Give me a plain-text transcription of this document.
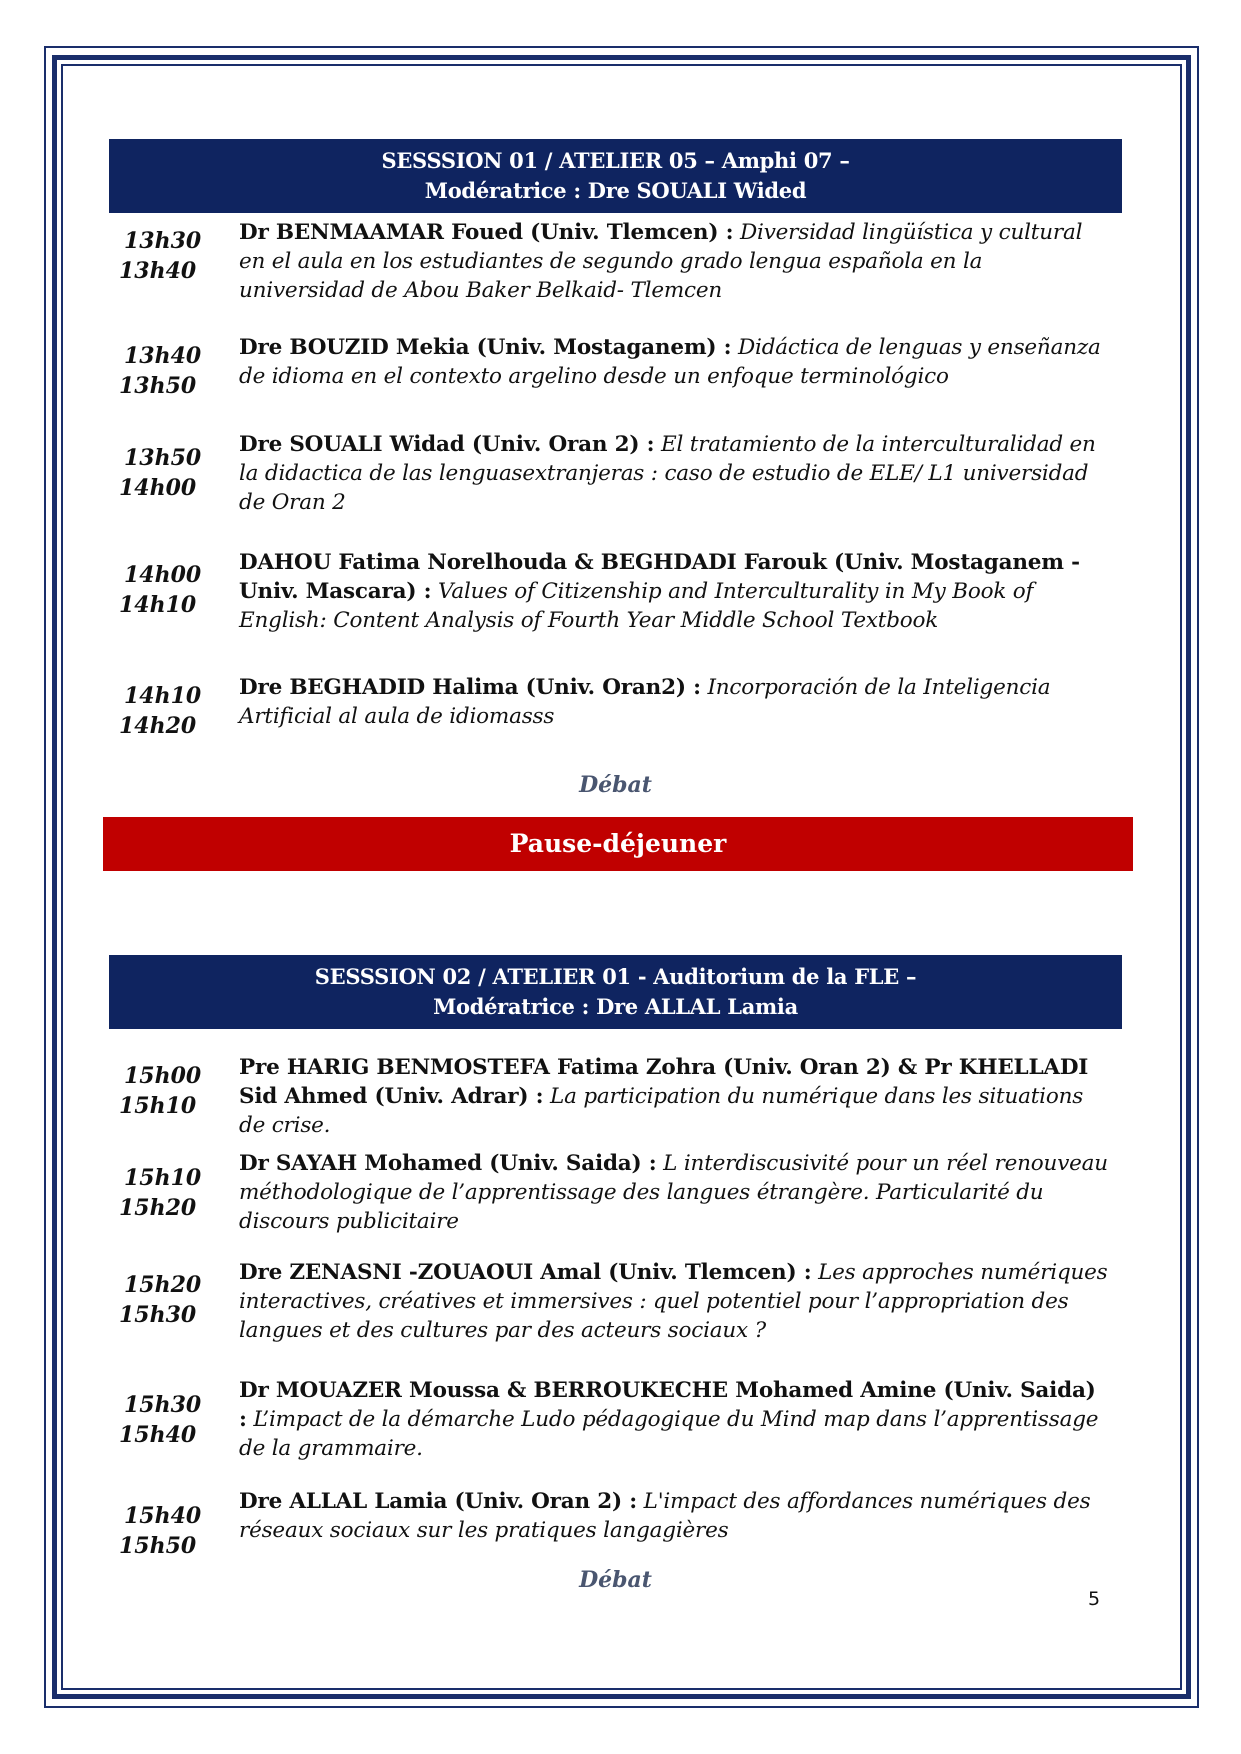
SESSSION 01 / ATELIER 05 – Amphi 07 –
Modératrice : Dre SOUALI Wided
13h30
13h40
Dr BENMAAMAR Foued (Univ. Tlemcen) : Diversidad lingüística y cultural en el aula en los estudiantes de segundo grado lengua española en la universidad de Abou Baker Belkaid- Tlemcen
13h40
13h50
Dre BOUZID Mekia (Univ. Mostaganem) : Didáctica de lenguas y enseñanza de idioma en el contexto argelino desde un enfoque terminológico
13h50
14h00
Dre SOUALI Widad (Univ. Oran 2) : El tratamiento de la interculturalidad en la didactica de las lenguasextranjeras : caso de estudio de ELE/ L1 universidad de Oran 2
14h00
14h10
DAHOU Fatima Norelhouda & BEGHDADI Farouk (Univ. Mostaganem - Univ. Mascara) : Values of Citizenship and Interculturality in My Book of English: Content Analysis of Fourth Year Middle School Textbook
14h10
14h20
Dre BEGHADID Halima (Univ. Oran2) : Incorporación de la Inteligencia Artificial al aula de idiomasss
Débat
Pause-déjeuner
SESSSION 02 / ATELIER 01 - Auditorium de la FLE –
Modératrice : Dre ALLAL Lamia
15h00
15h10
Pre HARIG BENMOSTEFA Fatima Zohra (Univ. Oran 2) & Pr KHELLADI Sid Ahmed (Univ. Adrar) : La participation du numérique dans les situations de crise.
15h10
15h20
Dr SAYAH Mohamed (Univ. Saida) : L interdiscusivité pour un réel renouveau méthodologique de l’apprentissage des langues étrangère. Particularité du discours publicitaire
15h20
15h30
Dre ZENASNI -ZOUAOUI Amal (Univ. Tlemcen) : Les approches numériques interactives, créatives et immersives : quel potentiel pour l’appropriation des langues et des cultures par des acteurs sociaux ?
15h30
15h40
Dr MOUAZER Moussa & BERROUKECHE Mohamed Amine (Univ. Saida) : L’impact de la démarche Ludo pédagogique du Mind map dans l’apprentissage de la grammaire.
15h40
15h50
Dre ALLAL Lamia (Univ. Oran 2) : L'impact des affordances numériques des réseaux sociaux sur les pratiques langagières
Débat
5
